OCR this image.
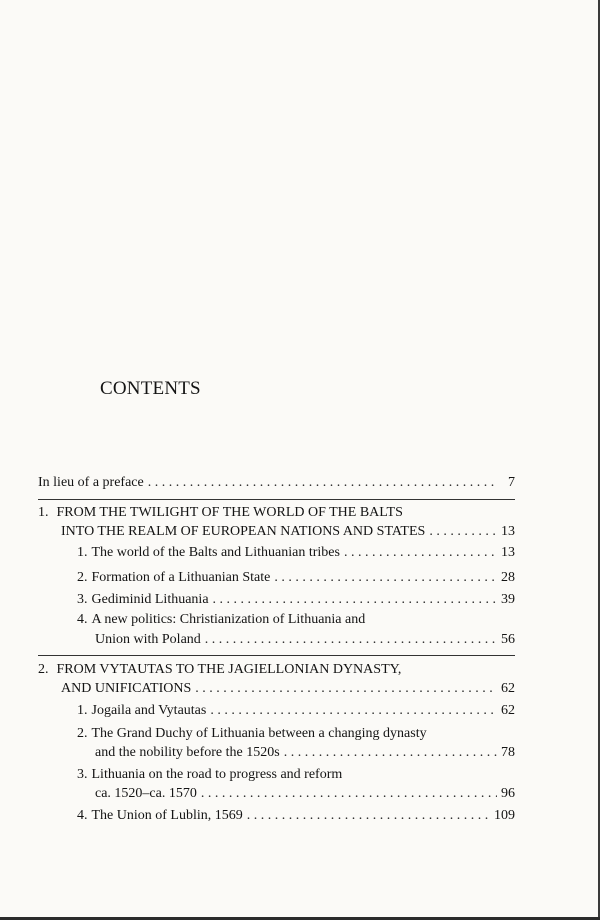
CONTENTS
In lieu of a preface . . .	7
1. FROM THE TWILIGHT OF THE WORLD OF THE BALTS
INTO THE REALM OF EUROPEAN NATIONS AND STATES . . .	13
1. The world of the Balts and Lithuanian tribes . . .	13
2. Formation of a Lithuanian State . . .	28
3. Gediminid Lithuania . . .	39
4. A new politics: Christianization of Lithuania and
Union with Poland . . .	56
2. FROM VYTAUTAS TO THE JAGIELLONIAN DYNASTY,
AND UNIFICATIONS . . .	62
1. Jogaila and Vytautas . . .	62
2. The Grand Duchy of Lithuania between a changing dynasty
and the nobility before the 1520s . . .	78
3. Lithuania on the road to progress and reform
ca. 1520–ca. 1570 . . .	96
4. The Union of Lublin, 1569 . . .	109
